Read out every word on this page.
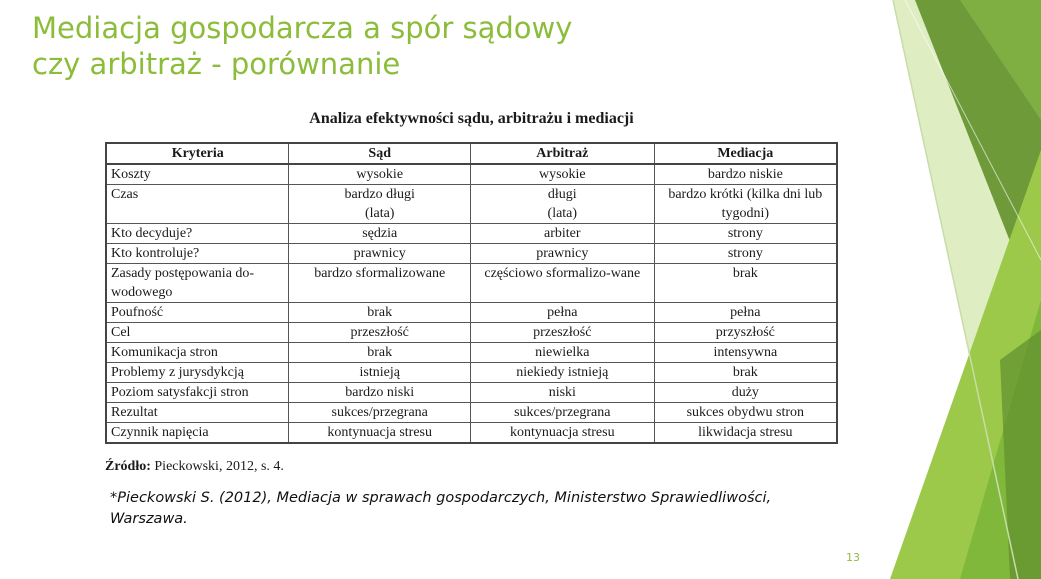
Mediacja gospodarcza a spór sądowy
czy arbitraż - porównanie
Analiza efektywności sądu, arbitrażu i mediacji
Kryteria	Sąd	Arbitraż	Mediacja
Koszty	wysokie	wysokie	bardzo niskie
Czas	bardzo długi (lata)	długi (lata)	bardzo krótki (kilka dni lub tygodni)
Kto decyduje?	sędzia	arbiter	strony
Kto kontroluje?	prawnicy	prawnicy	strony
Zasady postępowania do-wodowego	bardzo sformalizowane	częściowo sformalizo-wane	brak
Poufność	brak	pełna	pełna
Cel	przeszłość	przeszłość	przyszłość
Komunikacja stron	brak	niewielka	intensywna
Problemy z jurysdykcją	istnieją	niekiedy istnieją	brak
Poziom satysfakcji stron	bardzo niski	niski	duży
Rezultat	sukces/przegrana	sukces/przegrana	sukces obydwu stron
Czynnik napięcia	kontynuacja stresu	kontynuacja stresu	likwidacja stresu
Źródło: Pieckowski, 2012, s. 4.
*Pieckowski S. (2012), Mediacja w sprawach gospodarczych, Ministerstwo Sprawiedliwości, Warszawa.
13
